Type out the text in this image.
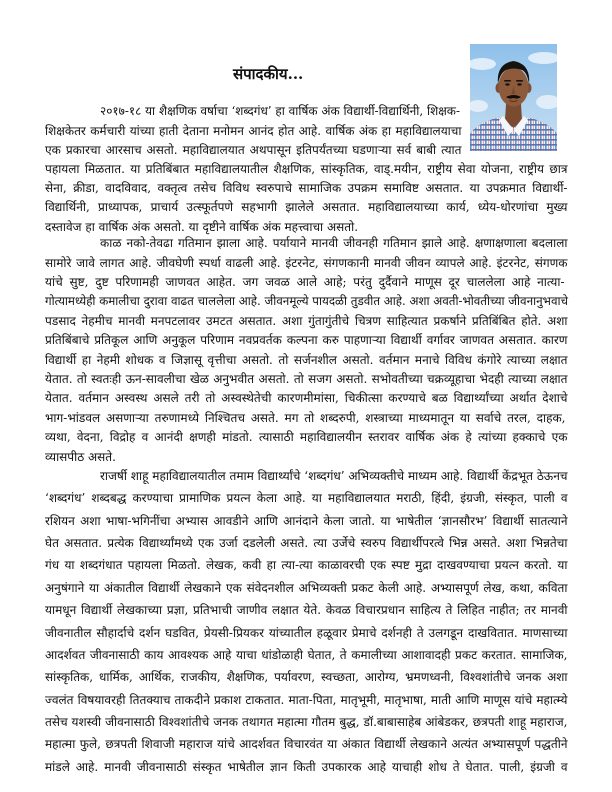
संपादकीय...
२०१७-१८ या शैक्षणिक वर्षाचा ‘शब्दगंध’ हा वार्षिक अंक विद्यार्थी-विद्यार्थिनी, शिक्षक-
शिक्षकेतर कर्मचारी यांच्या हाती देताना मनोमन आनंद होत आहे. वार्षिक अंक हा महाविद्यालयाचा
एक प्रकारचा आरसाच असतो. महाविद्यालयात अथपासून इतिपर्यंतच्या घडणाऱ्या सर्व बाबी त्यात
पहायला मिळतात. या प्रतिबिंबात महाविद्यालयातील शैक्षणिक, सांस्कृतिक, वाड्.मयीन, राष्ट्रीय सेवा योजना, राष्ट्रीय छात्र
सेना, क्रीडा, वादविवाद, वक्तृत्व तसेच विविध स्वरुपाचे सामाजिक उपक्रम समाविष्ट असतात. या उपक्रमात विद्यार्थी-
विद्यार्थिनी, प्राध्यापक, प्राचार्य उत्स्फूर्तपणे सहभागी झालेले असतात. महाविद्यालयाच्या कार्य, ध्येय-धोरणांचा मुख्य
दस्तावेज हा वार्षिक अंक असतो. या दृष्टीने वार्षिक अंक महत्त्वाचा असतो.
काळ नको-तेवढा गतिमान झाला आहे. पर्यायाने मानवी जीवनही गतिमान झाले आहे. क्षणाक्षणाला बदलाला
सामोरे जावे लागत आहे. जीवघेणी स्पर्धा वाढली आहे. इंटरनेट, संगणकानी मानवी जीवन व्यापले आहे. इंटरनेट, संगणक
यांचे सुष्ट, दुष्ट परिणामही जाणवत आहेत. जग जवळ आले आहे; परंतु दुर्दैवाने माणूस दूर चाललेला आहे नात्या-
गोत्यामध्येही कमालीचा दुरावा वाढत चाललेला आहे. जीवनमूल्ये पायदळी तुडवीत आहे. अशा अवती-भोवतीच्या जीवनानुभवाचे
पडसाद नेहमीच मानवी मनपटलावर उमटत असतात. अशा गुंतागुंतीचे चित्रण साहित्यात प्रकर्षाने प्रतिबिंबित होते. अशा
प्रतिबिंबाचे प्रतिकूल आणि अनुकूल परिणाम नवप्रवर्तक कल्पना करु पाहणाऱ्या विद्यार्थी वर्गावर जाणवत असतात. कारण
विद्यार्थी हा नेहमी शोधक व जिज्ञासू वृत्तीचा असतो. तो सर्जनशील असतो. वर्तमान मनाचे विविध कंगोरे त्याच्या लक्षात
येतात. तो स्वतःही ऊन-सावलीचा खेळ अनुभवीत असतो. तो सजग असतो. सभोवतीच्या चक्रव्यूहाचा भेदही त्याच्या लक्षात
येतात. वर्तमान अस्वस्थ असले तरी तो अस्वस्थेतेची कारणमीमांसा, चिकीत्सा करण्याचे बळ विद्यार्थ्यांच्या अर्थात देशाचे
भाग-भांडवल असणाऱ्या तरुणामध्ये निश्चितच असते. मग तो शब्दरुपी, शस्त्राच्या माध्यमातून या सर्वाचे तरल, दाहक,
व्यथा, वेदना, विद्रोह व आनंदी क्षणही मांडतो. त्यासाठी महाविद्यालयीन स्तरावर वार्षिक अंक हे त्यांच्या हक्काचे एक
व्यासपीठ असते.
राजर्षी शाहू महाविद्यालयातील तमाम विद्यार्थ्यांचे ‘शब्दगंध’ अभिव्यक्तीचे माध्यम आहे. विद्यार्थी केंद्रभूत ठेऊनच
‘शब्दगंध’ शब्दबद्ध करण्याचा प्रामाणिक प्रयत्न केला आहे. या महाविद्यालयात मराठी, हिंदी, इंग्रजी, संस्कृत, पाली व
रशियन अशा भाषा-भगिनींचा अभ्यास आवडीने आणि आनंदाने केला जातो. या भाषेतील ‘ज्ञानसौरभ’ विद्यार्थी सातत्याने
घेत असतात. प्रत्येक विद्यार्थ्यांमध्ये एक उर्जा दडलेली असते. त्या उर्जेचे स्वरुप विद्यार्थीपरत्वे भिन्न असते. अशा भिन्नतेचा
गंध या शब्दगंधात पहायला मिळतो. लेखक, कवी हा त्या-त्या काळावरची एक स्पष्ट मुद्रा दाखवण्याचा प्रयत्न करतो. या
अनुषंगाने या अंकातील विद्यार्थी लेखकाने एक संवेदनशील अभिव्यक्ती प्रकट केली आहे. अभ्यासपूर्ण लेख, कथा, कविता
यामधून विद्यार्थी लेखकाच्या प्रज्ञा, प्रतिभाची जाणीव लक्षात येते. केवळ विचारप्रधान साहित्य ते लिहित नाहीत; तर मानवी
जीवनातील सौहार्दाचे दर्शन घडवित, प्रेयसी-प्रियकर यांच्यातील हळूवार प्रेमाचे दर्शनही ते उलगडून दाखवितात. माणसाच्या
आदर्शवत जीवनासाठी काय आवश्यक आहे याचा धांडोळाही घेतात, ते कमालीच्या आशावादही प्रकट करतात. सामाजिक,
सांस्कृतिक, धार्मिक, आर्थिक, राजकीय, शैक्षणिक, पर्यावरण, स्वच्छता, आरोग्य, भ्रमणध्वनी, विश्वशांतीचे जनक अशा
ज्वलंत विषयावरही तितक्याच ताकदीने प्रकाश टाकतात. माता-पिता, मातृभूमी, मातृभाषा, माती आणि माणूस यांचे महात्म्ये
तसेच यशस्वी जीवनासाठी विश्वशांतीचे जनक तथागत महात्मा गौतम बुद्ध, डॉ.बाबासाहेब आंबेडकर, छत्रपती शाहू महाराज,
महात्मा फुले, छत्रपती शिवाजी महाराज यांचे आदर्शवत विचारवंत या अंकात विद्यार्थी लेखकाने अत्यंत अभ्यासपूर्ण पद्धतीने
मांडले आहे. मानवी जीवनासाठी संस्कृत भाषेतील ज्ञान किती उपकारक आहे याचाही शोध ते घेतात. पाली, इंग्रजी व
